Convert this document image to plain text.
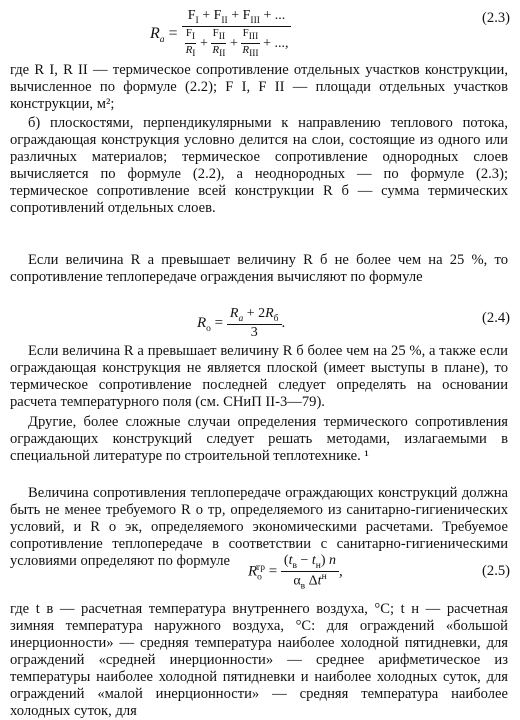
$R_a = F_I + F_{II} + F_{III}$ + ...
$\frac{F_I}{R_I}$ +
$F_{II}$
$R_{II}$
+
$F_{III}$
$R_{III}$
+ ...,	(2.3)

где R I, R II — термическое сопротивление отдельных участков конструкции, вычисленное по формуле (2.2); F I, F II — площади отдельных участков конструкции, м²;

б) плоскостями, перпендикулярными к направлению теплового потока, ограждающая конструкция условно делится на слои, состоящие из одного или различных материалов; термическое сопротивление однородных слоев вычисляется по формуле (2.2), а неоднородных — по формуле (2.3); термическое сопротивление всей конструкции R б — сумма термических сопротивлений отдельных слоев.

Если величина R a превышает величину R б не более чем на 25 %, то сопротивление теплопередаче ограждения вычисляют по формуле

$R_о = \frac{R_a + 2R_б}{3}$ .	(2.4)

Если величина R a превышает величину R б более чем на 25 %, а также если ограждающая конструкция не является плоской (имеет выступы в плане), то термическое сопротивление последней следует определять на основании расчета температурного поля (см. СНиП II-3—79).

Другие, более сложные случаи определения термического сопротивления ограждающих конструкций следует решать методами, излагаемыми в специальной литературе по строительной теплотехнике. ¹

Величина сопротивления теплопередаче ограждающих конструкций должна быть не менее требуемого R о тр, определяемого из санитарно-гигиенических условий, и R о эк, определяемого экономическими расчетами. Требуемое сопротивление теплопередаче в соответствии с санитарно-гигиеническими условиями определяют по формуле

$R_о^{тр} = \frac{(t_в - t_н) n}{\alpha_в \Delta t^н}$ ,	(2.5)

где t в — расчетная температура внутреннего воздуха, °С; t н — расчетная зимняя температура наружного воздуха, °С: для ограждений «большой инерционности» — средняя температура наиболее холодной пятидневки, для ограждений «средней инерционности» — среднее арифметическое из температуры наиболее холодной пятидневки и наиболее холодных суток, для ограждений «малой инерционности» — средняя температура наиболее холодных суток, для
